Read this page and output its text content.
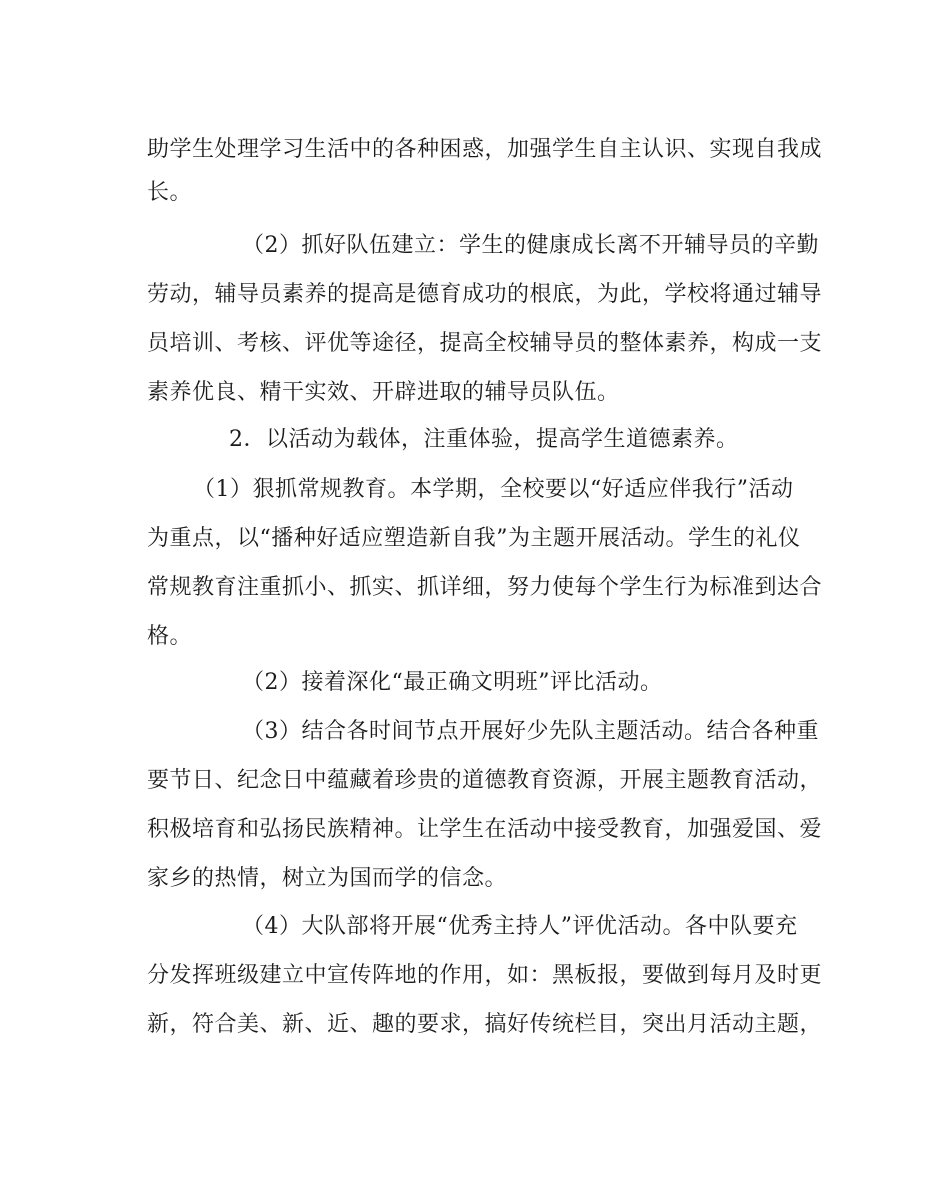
助学生处理学习生活中的各种困惑，加强学生自主认识、实现自我成
长。
（2）抓好队伍建立：学生的健康成长离不开辅导员的辛勤
劳动，辅导员素养的提高是德育成功的根底，为此，学校将通过辅导
员培训、考核、评优等途径，提高全校辅导员的整体素养，构成一支
素养优良、精干实效、开辟进取的辅导员队伍。
2．以活动为载体，注重体验，提高学生道德素养。
（1）狠抓常规教育。本学期，全校要以“好适应伴我行”活动
为重点，以“播种好适应塑造新自我”为主题开展活动。学生的礼仪
常规教育注重抓小、抓实、抓详细，努力使每个学生行为标准到达合
格。
（2）接着深化“最正确文明班”评比活动。
（3）结合各时间节点开展好少先队主题活动。结合各种重
要节日、纪念日中蕴藏着珍贵的道德教育资源，开展主题教育活动，
积极培育和弘扬民族精神。让学生在活动中接受教育，加强爱国、爱
家乡的热情，树立为国而学的信念。
（4）大队部将开展“优秀主持人”评优活动。各中队要充
分发挥班级建立中宣传阵地的作用，如：黑板报，要做到每月及时更
新，符合美、新、近、趣的要求，搞好传统栏目，突出月活动主题，
